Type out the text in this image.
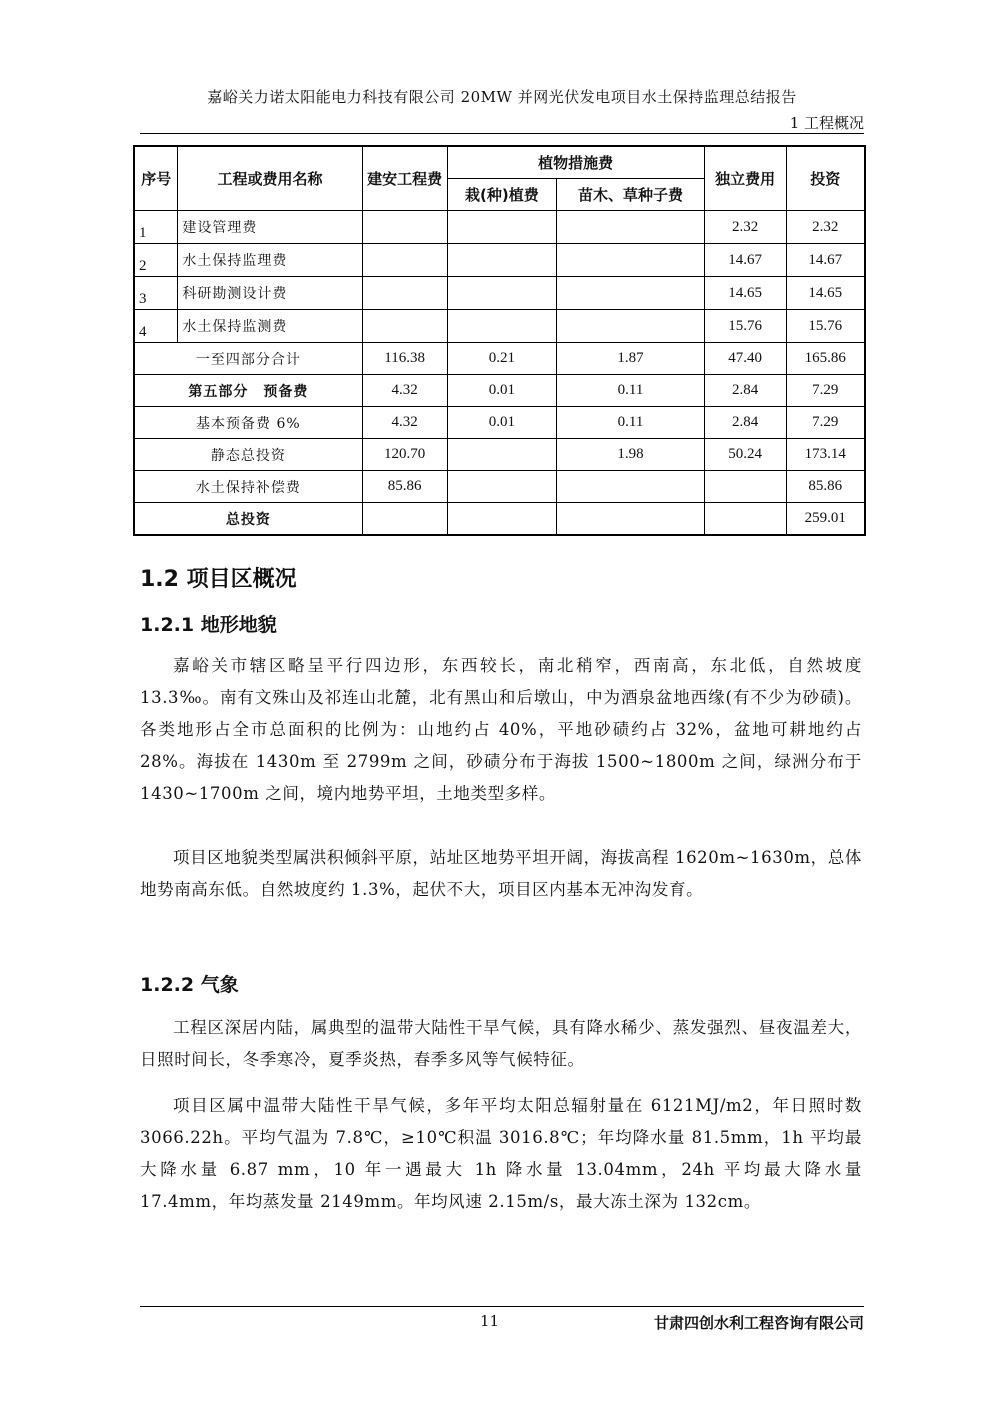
嘉峪关力诺太阳能电力科技有限公司 20MW 并网光伏发电项目水土保持监理总结报告
1 工程概况
序号	工程或费用名称	建安工程费	植物措施费		独立费用	投资
			栽(种)植费	苗木、草种子费		
1	建设管理费				2.32	2.32
2	水土保持监理费				14.67	14.67
3	科研勘测设计费				14.65	14.65
4	水土保持监测费				15.76	15.76
一至四部分合计		116.38	0.21	1.87	47.40	165.86
第五部分　预备费		4.32	0.01	0.11	2.84	7.29
基本预备费 6%		4.32	0.01	0.11	2.84	7.29
静态总投资		120.70		1.98	50.24	173.14
水土保持补偿费		85.86				85.86
总投资						259.01
1.2 项目区概况
1.2.1 地形地貌
嘉峪关市辖区略呈平行四边形，东西较长，南北稍窄，西南高，东北低，自然坡度 13.3‰。南有文殊山及祁连山北麓，北有黑山和后墩山，中为酒泉盆地西缘(有不少为砂碛)。各类地形占全市总面积的比例为：山地约占 40%，平地砂碛约占 32%，盆地可耕地约占 28%。海拔在 1430m 至 2799m 之间，砂碛分布于海拔 1500~1800m 之间，绿洲分布于 1430~1700m 之间，境内地势平坦，土地类型多样。
项目区地貌类型属洪积倾斜平原，站址区地势平坦开阔，海拔高程 1620m~1630m，总体地势南高东低。自然坡度约 1.3%，起伏不大，项目区内基本无冲沟发育。
1.2.2 气象
工程区深居内陆，属典型的温带大陆性干旱气候，具有降水稀少、蒸发强烈、昼夜温差大，日照时间长，冬季寒冷，夏季炎热，春季多风等气候特征。
项目区属中温带大陆性干旱气候，多年平均太阳总辐射量在 6121MJ/m2，年日照时数 3066.22h。平均气温为 7.8℃，≥10℃积温 3016.8℃；年均降水量 81.5mm，1h 平均最大降水量 6.87 mm，10 年一遇最大 1h 降水量 13.04mm，24h 平均最大降水量 17.4mm，年均蒸发量 2149mm。年均风速 2.15m/s，最大冻土深为 132cm。
11	甘肃四创水利工程咨询有限公司
